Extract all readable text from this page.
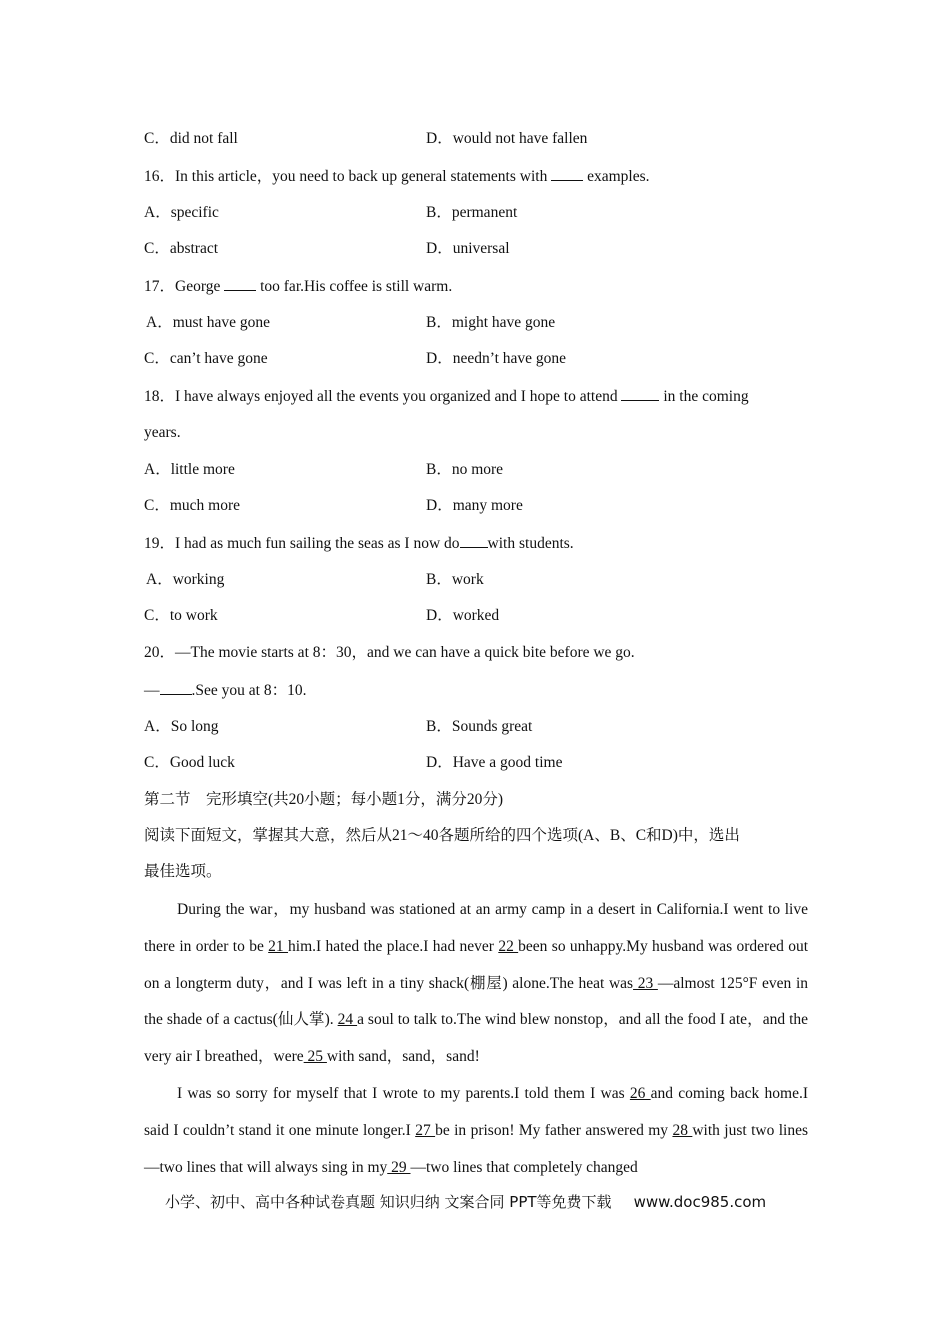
C．did not fall	D．would not have fallen
16．In this article，you need to back up general statements with	examples.
A．specific	B．permanent
C．abstract	D．universal
17．George	too far.His coffee is still warm.
A．must have gone	B．might have gone
C．can’t have gone	D．needn’t have gone
18．I have always enjoyed all the events you organized and I hope to attend	in the coming
years.
A．little more	B．no more
C．much more	D．many more
19．I had as much fun sailing the seas as I now do with students.
A．working	B．work
C．to work	D．worked
20．—The movie starts at 8：30，and we can have a quick bite before we go.
— .See you at 8：10.
A．So long	B．Sounds great
C．Good luck	D．Have a good time
第二节　完形填空(共20小题；每小题1分，满分20分)
阅读下面短文，掌握其大意，然后从21～40各题所给的四个选项(A、B、C和D)中，选出
最佳选项。
During the war，my husband was stationed at an army camp in a desert in California.I went to live there in order to be 21 him.I hated the place.I had never 22 been so unhappy.My husband was ordered out on a longterm duty，and I was left in a tiny shack(棚屋) alone.The heat was 23 —almost 125°F even in the shade of a cactus(仙人掌). 24 a soul to talk to.The wind blew nonstop，and all the food I ate，and the very air I breathed，were 25 with sand，sand，sand!
I was so sorry for myself that I wrote to my parents.I told them I was 26 and coming back home.I said I couldn’t stand it one minute longer.I 27 be in prison! My father answered my 28 with just two lines—two lines that will always sing in my 29 —two lines that completely changed
小学、初中、高中各种试卷真题 知识归纳 文案合同 PPT等免费下载 www.doc985.com
